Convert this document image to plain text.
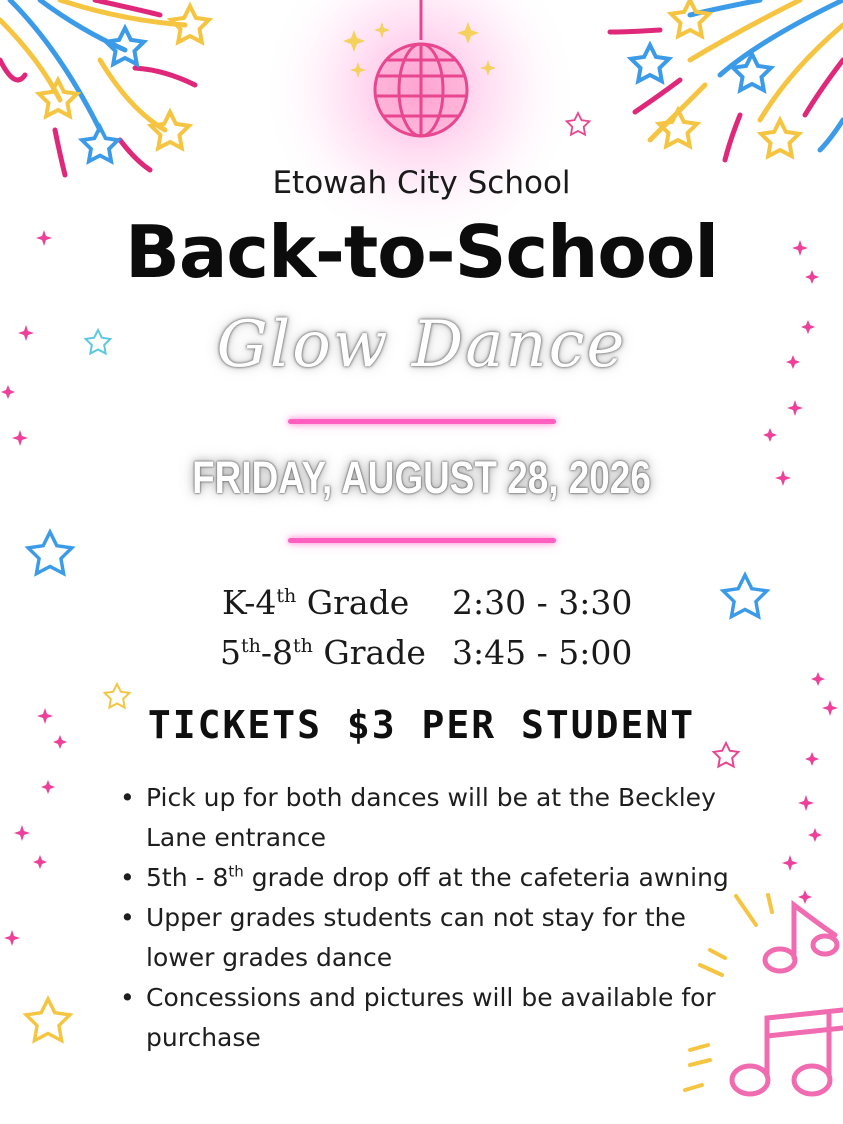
Etowah City School
Back-to-School
Glow Dance
FRIDAY, AUGUST 28, 2026
K-4th Grade 2:30 - 3:30
5th-8th Grade 3:45 - 5:00
TICKETS $3 PER STUDENT
• Pick up for both dances will be at the Beckley Lane entrance
• 5th - 8th grade drop off at the cafeteria awning
• Upper grades students can not stay for the lower grades dance
• Concessions and pictures will be available for purchase
